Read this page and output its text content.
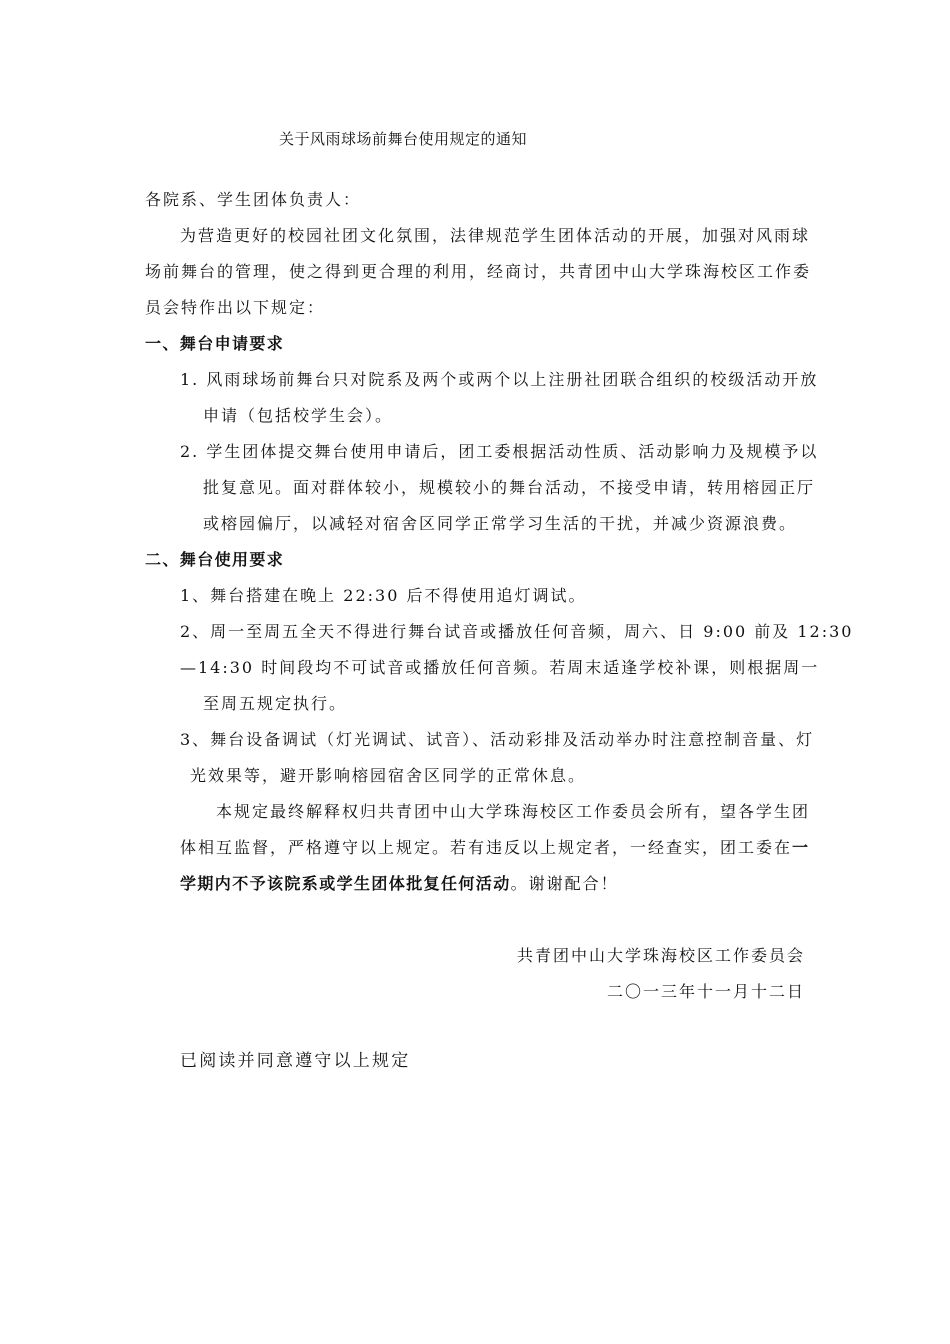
关于风雨球场前舞台使用规定的通知
各院系、学生团体负责人：
为营造更好的校园社团文化氛围，法律规范学生团体活动的开展，加强对风雨球
场前舞台的管理，使之得到更合理的利用，经商讨，共青团中山大学珠海校区工作委
员会特作出以下规定：
一、舞台申请要求
1. 风雨球场前舞台只对院系及两个或两个以上注册社团联合组织的校级活动开放
申请（包括校学生会）。
2. 学生团体提交舞台使用申请后，团工委根据活动性质、活动影响力及规模予以
批复意见。面对群体较小，规模较小的舞台活动，不接受申请，转用榕园正厅
或榕园偏厅，以减轻对宿舍区同学正常学习生活的干扰，并减少资源浪费。
二、舞台使用要求
1、舞台搭建在晚上 22:30 后不得使用追灯调试。
2、周一至周五全天不得进行舞台试音或播放任何音频，周六、日 9:00 前及 12:30
—14:30 时间段均不可试音或播放任何音频。若周末适逢学校补课，则根据周一
至周五规定执行。
3、舞台设备调试（灯光调试、试音）、活动彩排及活动举办时注意控制音量、灯
光效果等，避开影响榕园宿舍区同学的正常休息。
本规定最终解释权归共青团中山大学珠海校区工作委员会所有，望各学生团
体相互监督，严格遵守以上规定。若有违反以上规定者，一经查实，团工委在一
学期内不予该院系或学生团体批复任何活动。谢谢配合！
共青团中山大学珠海校区工作委员会
二〇一三年十一月十二日
已阅读并同意遵守以上规定
